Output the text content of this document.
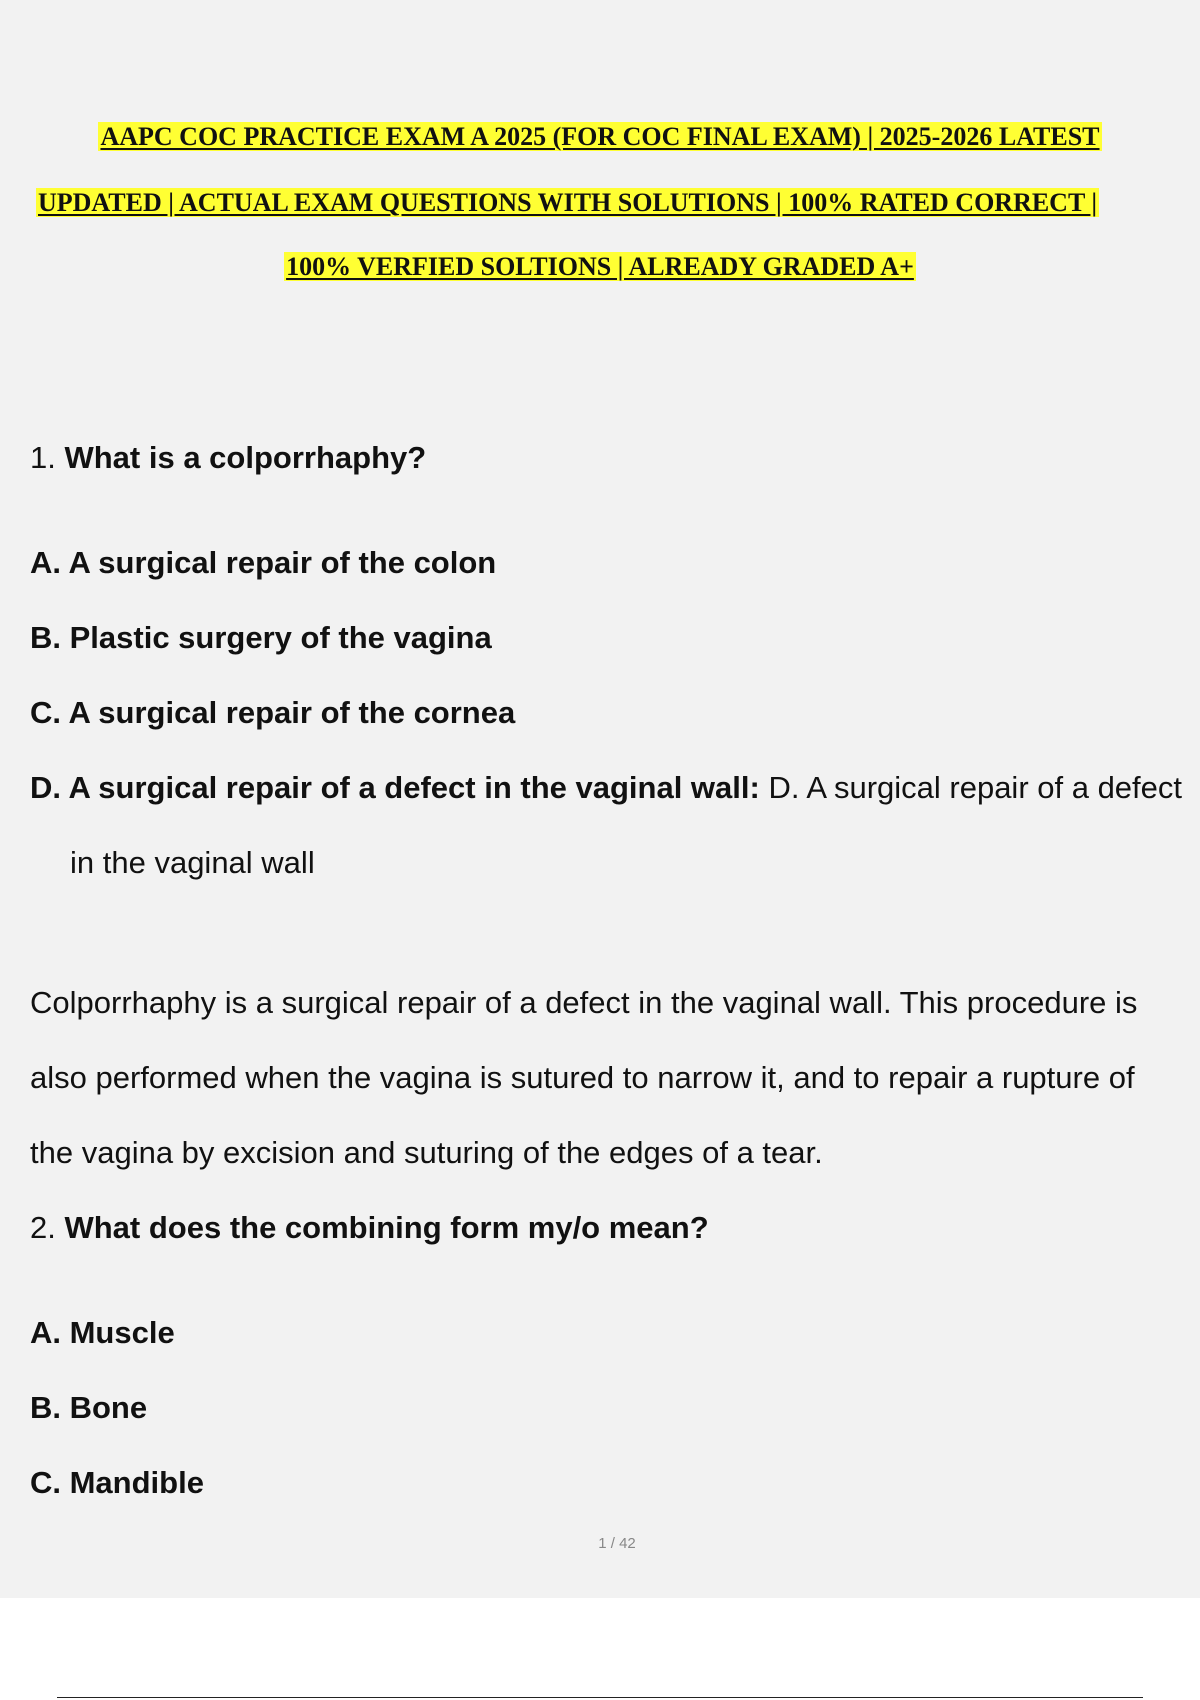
AAPC COC PRACTICE EXAM A 2025 (FOR COC FINAL EXAM) | 2025-2026 LATEST
UPDATED | ACTUAL EXAM QUESTIONS WITH SOLUTIONS | 100% RATED CORRECT |
100% VERFIED SOLTIONS | ALREADY GRADED A+
1. What is a colporrhaphy?
A. A surgical repair of the colon
B. Plastic surgery of the vagina
C. A surgical repair of the cornea
D. A surgical repair of a defect in the vaginal wall: D. A surgical repair of a defect
in the vaginal wall
Colporrhaphy is a surgical repair of a defect in the vaginal wall. This procedure is
also performed when the vagina is sutured to narrow it, and to repair a rupture of
the vagina by excision and suturing of the edges of a tear.
2. What does the combining form my/o mean?
A. Muscle
B. Bone
C. Mandible
1 / 42
